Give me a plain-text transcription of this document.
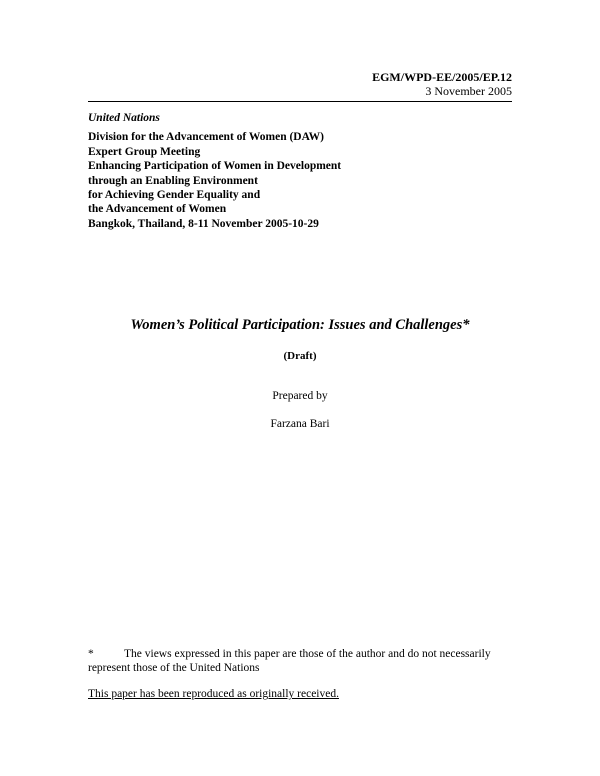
EGM/WPD-EE/2005/EP.12
3 November 2005
United Nations
Division for the Advancement of Women (DAW)
Expert Group Meeting
Enhancing Participation of Women in Development
through an Enabling Environment
for Achieving Gender Equality and
the Advancement of Women
Bangkok, Thailand, 8-11 November 2005-10-29
Women’s Political Participation: Issues and Challenges*
(Draft)
Prepared by
Farzana Bari
*	The views expressed in this paper are those of the author and do not necessarily represent those of the United Nations
This paper has been reproduced as originally received.
